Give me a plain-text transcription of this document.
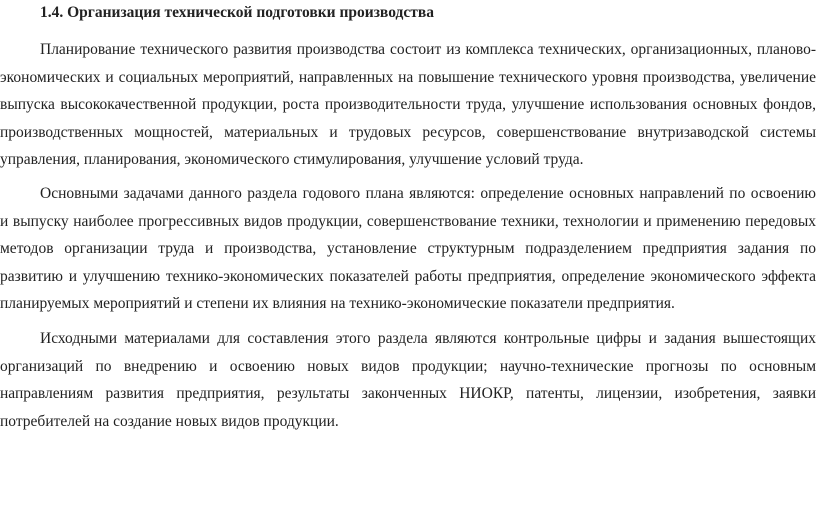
1.4. Организация технической подготовки производства
Планирование технического развития производства состоит из комплекса технических, организационных, планово-
экономических и социальных мероприятий, направленных на повышение технического уровня производства, увеличение
выпуска высококачественной продукции, роста производительности труда, улучшение использования основных фондов,
производственных мощностей, материальных и трудовых ресурсов, совершенствование внутризаводской системы
управления, планирования, экономического стимулирования, улучшение условий труда.
Основными задачами данного раздела годового плана являются: определение основных направлений по освоению
и выпуску наиболее прогрессивных видов продукции, совершенствование техники, технологии и применению передовых
методов организации труда и производства, установление структурным подразделением предприятия задания по
развитию и улучшению технико-экономических показателей работы предприятия, определение экономического эффекта
планируемых мероприятий и степени их влияния на технико-экономические показатели предприятия.
Исходными материалами для составления этого раздела являются контрольные цифры и задания вышестоящих
организаций по внедрению и освоению новых видов продукции; научно-технические прогнозы по основным
направлениям развития предприятия, результаты законченных НИОКР, патенты, лицензии, изобретения, заявки
потребителей на создание новых видов продукции.
